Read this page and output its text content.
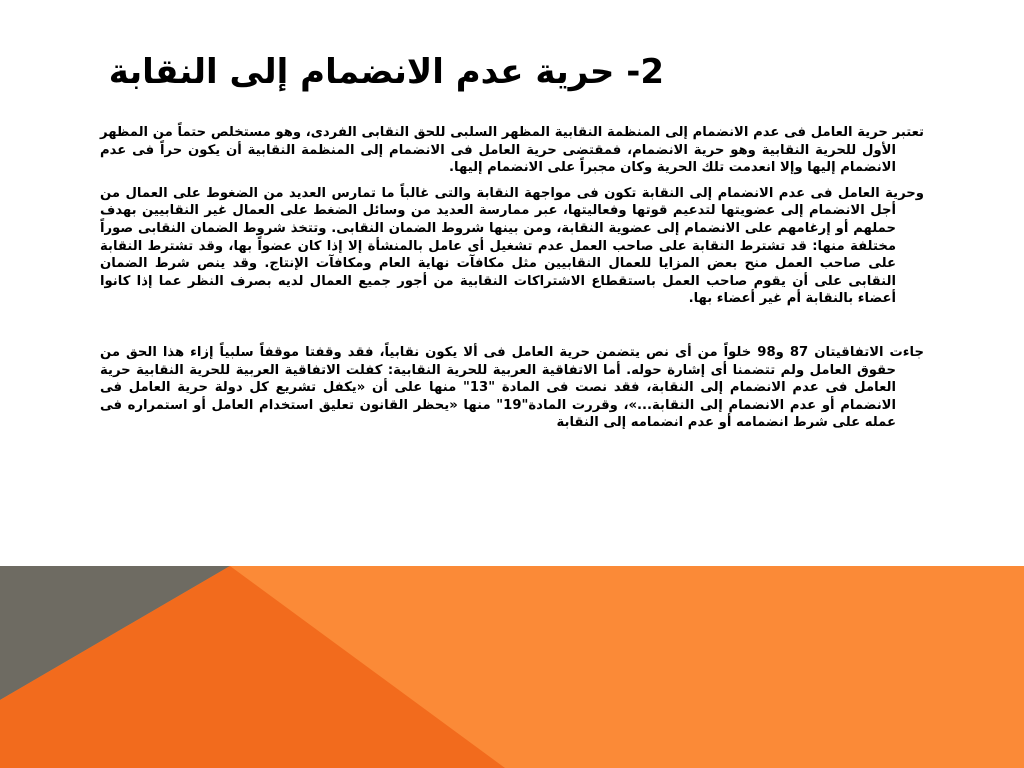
2- حرية عدم الانضمام إلى النقابة

تعتبر حرية العامل فى عدم الانضمام إلى المنظمة النقابية المظهر السلبى للحق النقابى الفردى، وهو مستخلص حتماً من المظهر الأول للحرية النقابية وهو حرية الانضمام، فمقتضى حرية العامل فى الانضمام إلى المنظمة النقابية أن يكون حراً فى عدم الانضمام إليها وإلا انعدمت تلك الحرية وكان مجبراً على الانضمام إليها.

وحرية العامل فى عدم الانضمام إلى النقابة تكون فى مواجهة النقابة والتى غالباً ما تمارس العديد من الضغوط على العمال من أجل الانضمام إلى عضويتها لتدعيم قوتها وفعاليتها، عبر ممارسة العديد من وسائل الضغط على العمال غير النقابيين بهدف حملهم أو إرغامهم على الانضمام إلى عضوية النقابة، ومن بينها شروط الضمان النقابى. وتتخذ شروط الضمان النقابى صوراً مختلفة منها: قد تشترط النقابة على صاحب العمل عدم تشغيل أى عامل بالمنشأة إلا إذا كان عضواً بها، وقد تشترط النقابة على صاحب العمل منح بعض المزايا للعمال النقابيين مثل مكافآت نهاية العام ومكافآت الإنتاج. وقد ينص شرط الضمان النقابى على أن يقوم صاحب العمل باستقطاع الاشتراكات النقابية من أجور جميع العمال لديه بصرف النظر عما إذا كانوا أعضاء بالنقابة أم غير أعضاء بها.

جاءت الاتفاقيتان 87 و98 خلواً من أى نص يتضمن حرية العامل فى ألا يكون نقابياً، فقد وقفتا موقفاً سلبياً إزاء هذا الحق من حقوق العامل ولم تتضمنا أى إشارة حوله. أما الاتفاقية العربية للحرية النقابية: كفلت الاتفاقية العربية للحرية النقابية حرية العامل فى عدم الانضمام إلى النقابة، فقد نصت فى المادة "13" منها على أن «يكفل تشريع كل دولة حرية العامل فى الانضمام أو عدم الانضمام إلى النقابة...»، وقررت المادة"19" منها «يحظر القانون تعليق استخدام العامل أو استمراره فى عمله على شرط انضمامه أو عدم انضمامه إلى النقابة
